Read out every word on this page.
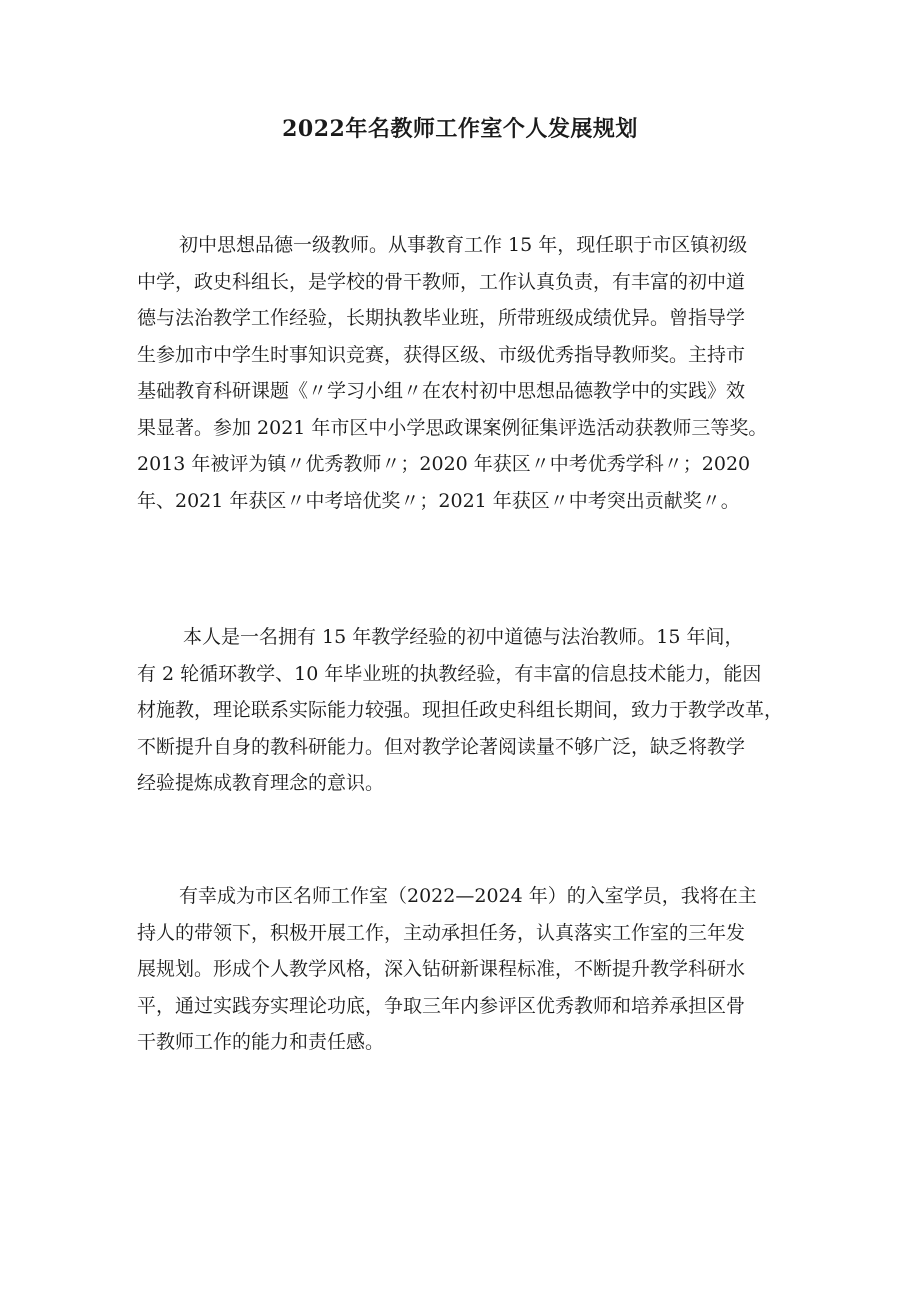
2022年名教师工作室个人发展规划
初中思想品德一级教师。从事教育工作 15 年，现任职于市区镇初级
中学，政史科组长，是学校的骨干教师，工作认真负责，有丰富的初中道
德与法治教学工作经验，长期执教毕业班，所带班级成绩优异。曾指导学
生参加市中学生时事知识竞赛，获得区级、市级优秀指导教师奖。主持市
基础教育科研课题《〃学习小组〃在农村初中思想品德教学中的实践》效
果显著。参加 2021 年市区中小学思政课案例征集评选活动获教师三等奖。
2013 年被评为镇〃优秀教师〃；2020 年获区〃中考优秀学科〃；2020
年、2021 年获区〃中考培优奖〃；2021 年获区〃中考突出贡献奖〃。
本人是一名拥有 15 年教学经验的初中道德与法治教师。15 年间，
有 2 轮循环教学、10 年毕业班的执教经验，有丰富的信息技术能力，能因
材施教，理论联系实际能力较强。现担任政史科组长期间，致力于教学改革，
不断提升自身的教科研能力。但对教学论著阅读量不够广泛，缺乏将教学
经验提炼成教育理念的意识。
有幸成为市区名师工作室（2022—2024 年）的入室学员，我将在主
持人的带领下，积极开展工作，主动承担任务，认真落实工作室的三年发
展规划。形成个人教学风格，深入钻研新课程标准，不断提升教学科研水
平，通过实践夯实理论功底，争取三年内参评区优秀教师和培养承担区骨
干教师工作的能力和责任感。
